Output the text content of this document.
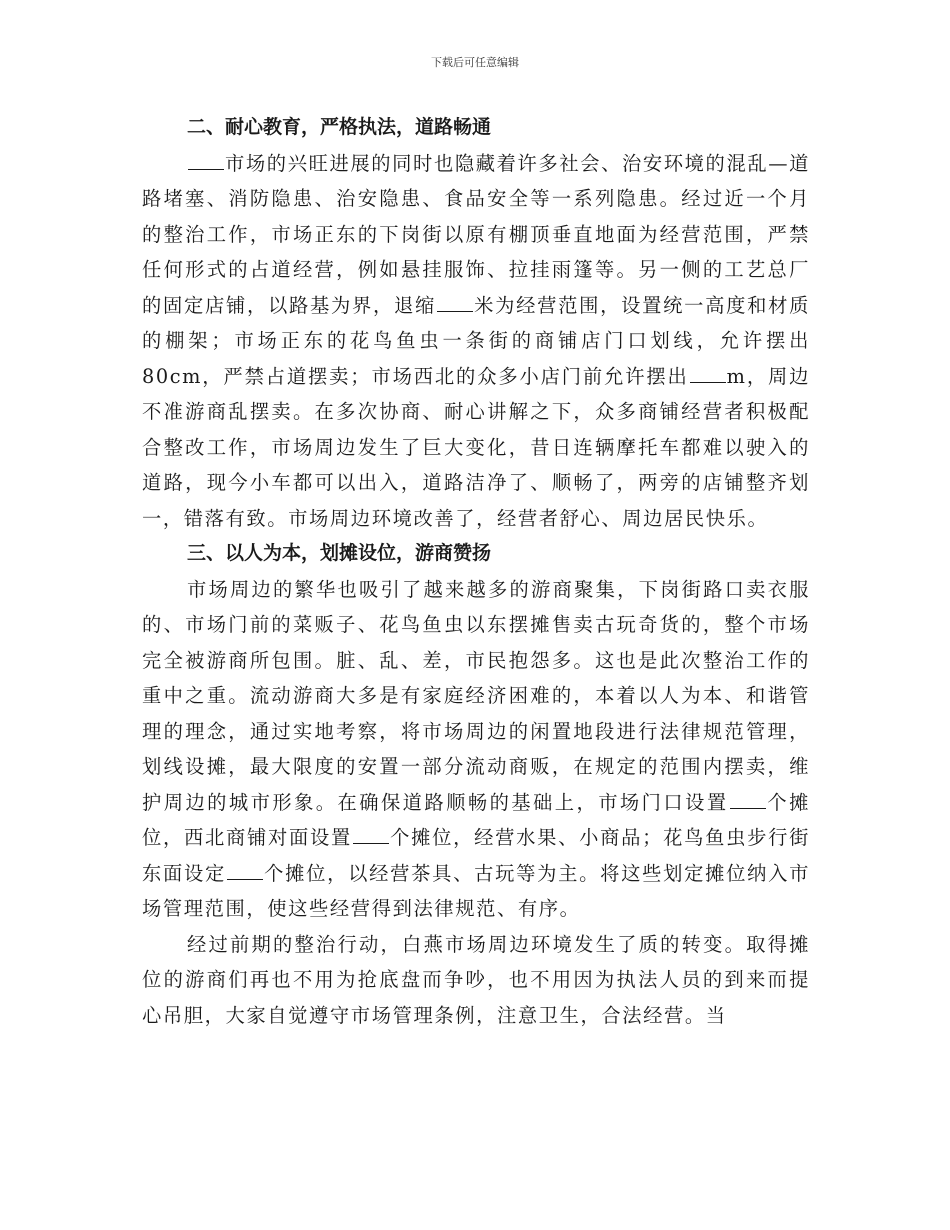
下载后可任意编辑

二、耐心教育，严格执法，道路畅通

市场的兴旺进展的同时也隐藏着许多社会、治安环境的混乱—道路堵塞、消防隐患、治安隐患、食品安全等一系列隐患。经过近一个月的整治工作，市场正东的下岗街以原有棚顶垂直地面为经营范围，严禁任何形式的占道经营，例如悬挂服饰、拉挂雨篷等。另一侧的工艺总厂的固定店铺，以路基为界，退缩 米为经营范围，设置统一高度和材质的棚架；市场正东的花鸟鱼虫一条街的商铺店门口划线，允许摆出80cm，严禁占道摆卖；市场西北的众多小店门前允许摆出 m，周边不准游商乱摆卖。在多次协商、耐心讲解之下，众多商铺经营者积极配合整改工作，市场周边发生了巨大变化，昔日连辆摩托车都难以驶入的道路，现今小车都可以出入，道路洁净了、顺畅了，两旁的店铺整齐划一，错落有致。市场周边环境改善了，经营者舒心、周边居民快乐。

三、以人为本，划摊设位，游商赞扬

市场周边的繁华也吸引了越来越多的游商聚集，下岗街路口卖衣服的、市场门前的菜贩子、花鸟鱼虫以东摆摊售卖古玩奇货的，整个市场完全被游商所包围。脏、乱、差，市民抱怨多。这也是此次整治工作的重中之重。流动游商大多是有家庭经济困难的，本着以人为本、和谐管理的理念，通过实地考察，将市场周边的闲置地段进行法律规范管理，划线设摊，最大限度的安置一部分流动商贩，在规定的范围内摆卖，维护周边的城市形象。在确保道路顺畅的基础上，市场门口设置 个摊位，西北商铺对面设置 个摊位，经营水果、小商品；花鸟鱼虫步行街东面设定 个摊位，以经营茶具、古玩等为主。将这些划定摊位纳入市场管理范围，使这些经营得到法律规范、有序。

经过前期的整治行动，白燕市场周边环境发生了质的转变。取得摊位的游商们再也不用为抢底盘而争吵，也不用因为执法人员的到来而提心吊胆，大家自觉遵守市场管理条例，注意卫生，合法经营。当
